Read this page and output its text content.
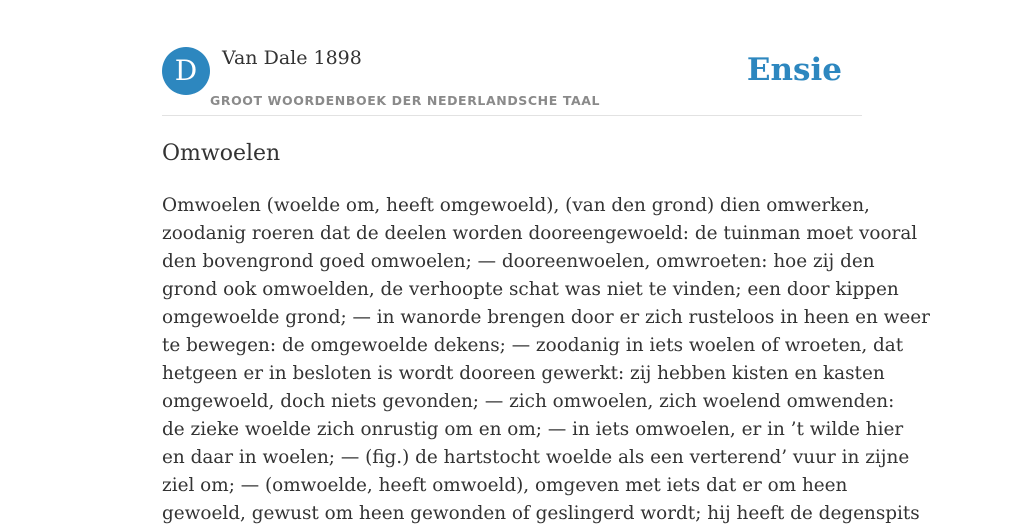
D	Van Dale 1898
GROOT WOORDENBOEK DER NEDERLANDSCHE TAAL
Ensie
Omwoelen
Omwoelen (woelde om, heeft omgewoeld), (van den grond) dien omwerken,
zoodanig roeren dat de deelen worden dooreengewoeld: de tuinman moet vooral
den bovengrond goed omwoelen; — dooreenwoelen, omwroeten: hoe zij den
grond ook omwoelden, de verhoopte schat was niet te vinden; een door kippen
omgewoelde grond; — in wanorde brengen door er zich rusteloos in heen en weer
te bewegen: de omgewoelde dekens; — zoodanig in iets woelen of wroeten, dat
hetgeen er in besloten is wordt dooreen gewerkt: zij hebben kisten en kasten
omgewoeld, doch niets gevonden; — zich omwoelen, zich woelend omwenden:
de zieke woelde zich onrustig om en om; — in iets omwoelen, er in ’t wilde hier
en daar in woelen; — (fig.) de hartstocht woelde als een verterend’ vuur in zijne
ziel om; — (omwoelde, heeft omwoeld), omgeven met iets dat er om heen
gewoeld, gewust om heen gewonden of geslingerd wordt; hij heeft de degenspits
